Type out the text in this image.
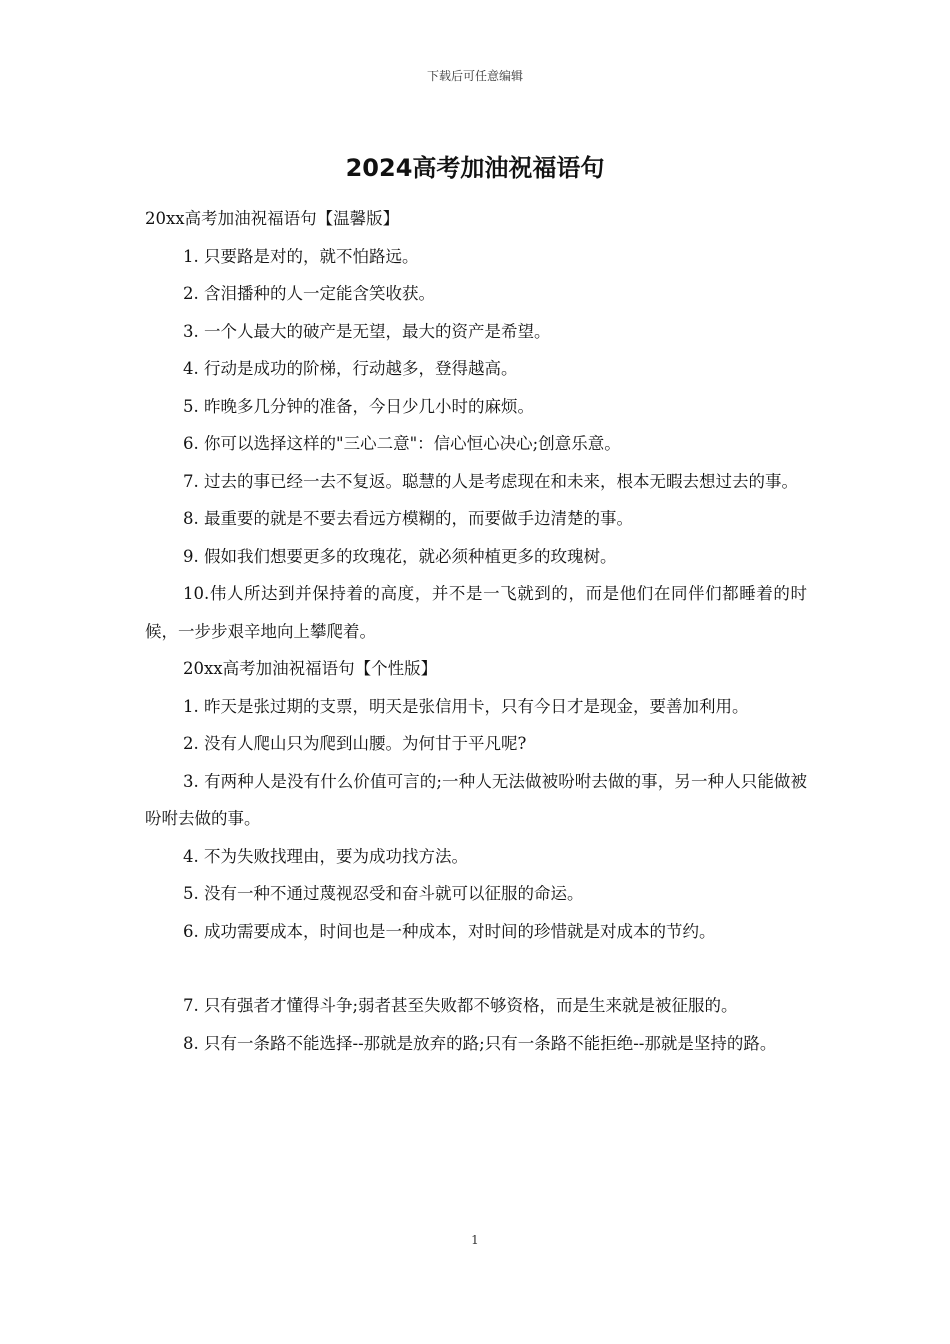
下载后可任意编辑
2024高考加油祝福语句

20xx高考加油祝福语句【温馨版】

1. 只要路是对的，就不怕路远。

2. 含泪播种的人一定能含笑收获。

3. 一个人最大的破产是无望，最大的资产是希望。

4. 行动是成功的阶梯，行动越多，登得越高。

5. 昨晚多几分钟的准备，今日少几小时的麻烦。

6. 你可以选择这样的"三心二意"：信心恒心决心;创意乐意。

7. 过去的事已经一去不复返。聪慧的人是考虑现在和未来，根本无暇去想过去的事。

8. 最重要的就是不要去看远方模糊的，而要做手边清楚的事。

9. 假如我们想要更多的玫瑰花，就必须种植更多的玫瑰树。

10.伟人所达到并保持着的高度，并不是一飞就到的，而是他们在同伴们都睡着的时候，一步步艰辛地向上攀爬着。

20xx高考加油祝福语句【个性版】

1. 昨天是张过期的支票，明天是张信用卡，只有今日才是现金，要善加利用。

2. 没有人爬山只为爬到山腰。为何甘于平凡呢?

3. 有两种人是没有什么价值可言的;一种人无法做被吩咐去做的事，另一种人只能做被吩咐去做的事。

4. 不为失败找理由，要为成功找方法。

5. 没有一种不通过蔑视忍受和奋斗就可以征服的命运。

6. 成功需要成本，时间也是一种成本，对时间的珍惜就是对成本的节约。

7. 只有强者才懂得斗争;弱者甚至失败都不够资格，而是生来就是被征服的。

8. 只有一条路不能选择--那就是放弃的路;只有一条路不能拒绝--那就是坚持的路。

1
